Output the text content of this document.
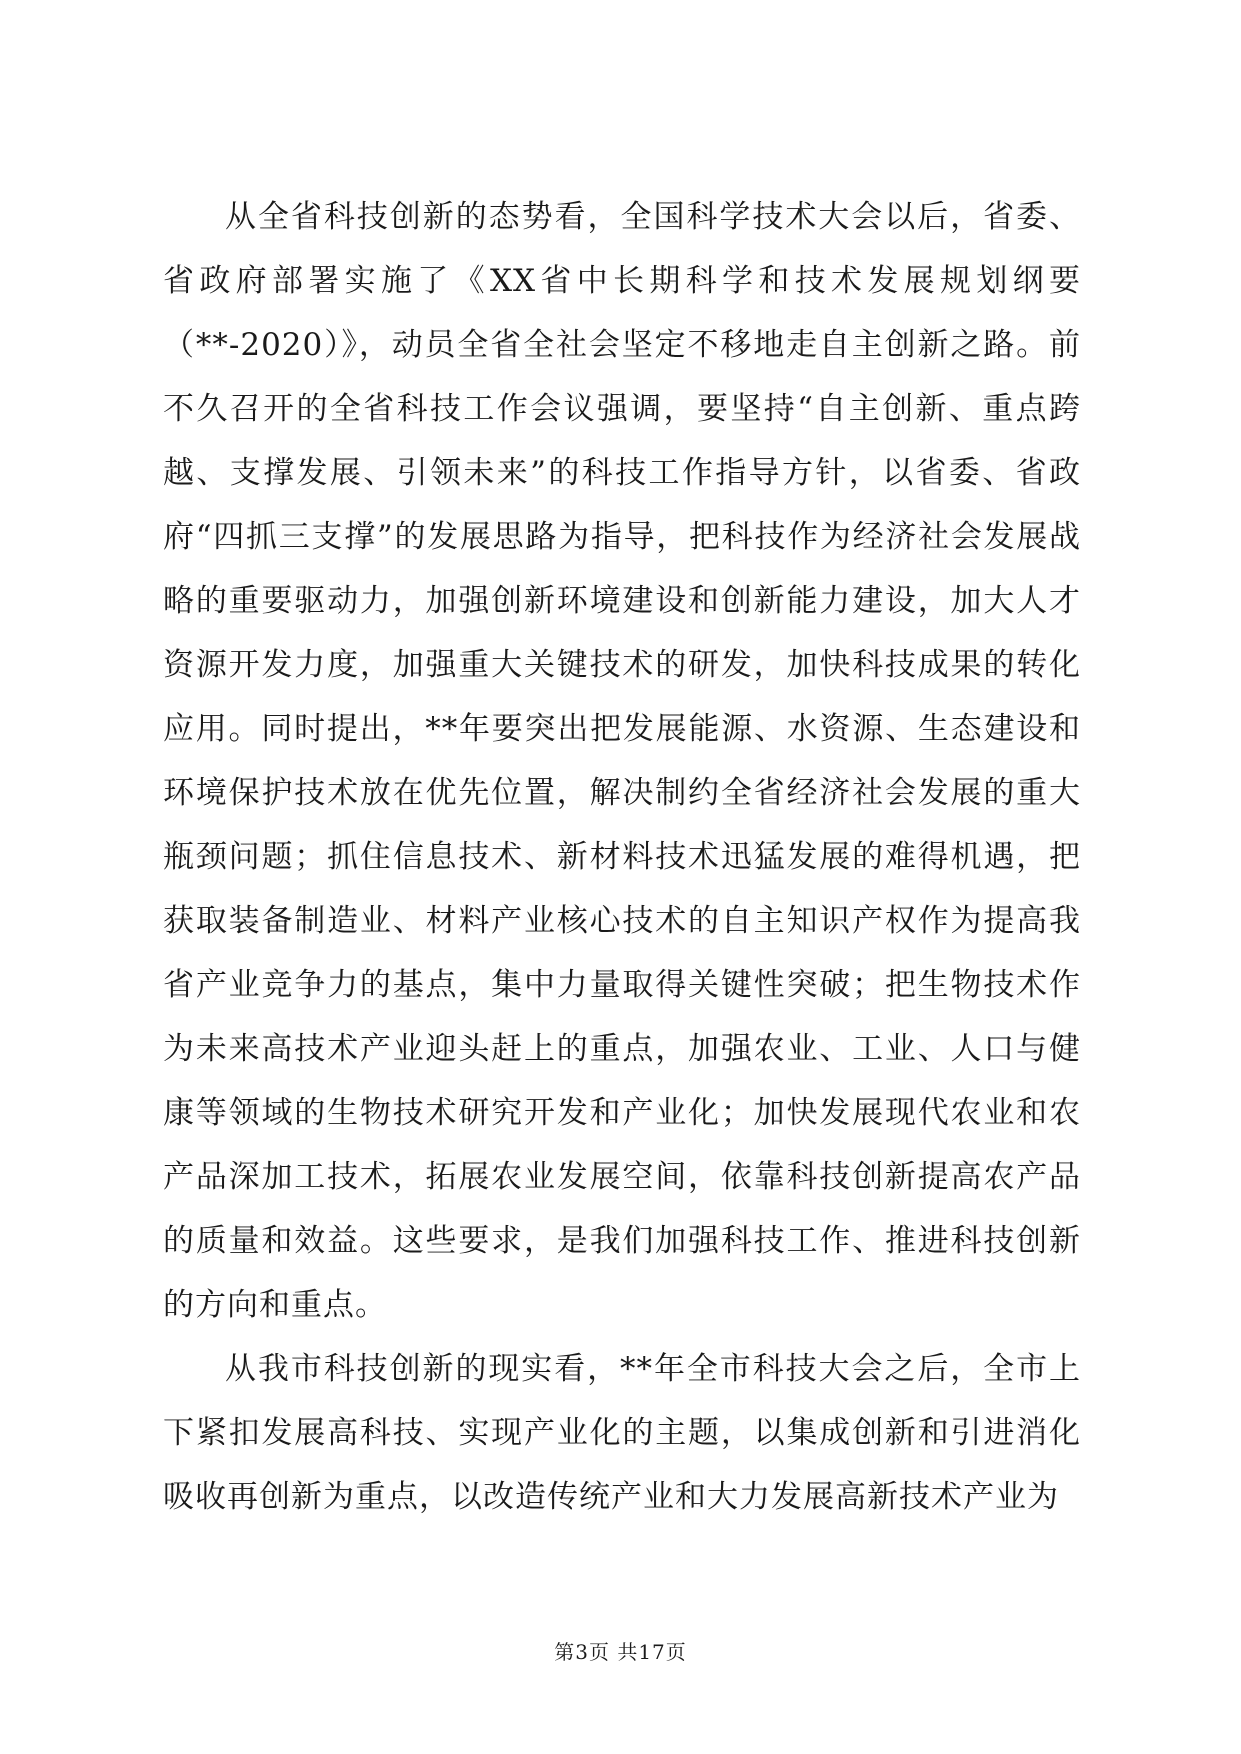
从全省科技创新的态势看，全国科学技术大会以后，省委、省政府部署实施了《XX省中长期科学和技术发展规划纲要（**-2020）》，动员全省全社会坚定不移地走自主创新之路。前不久召开的全省科技工作会议强调，要坚持“自主创新、重点跨越、支撑发展、引领未来”的科技工作指导方针，以省委、省政府“四抓三支撑”的发展思路为指导，把科技作为经济社会发展战略的重要驱动力，加强创新环境建设和创新能力建设，加大人才资源开发力度，加强重大关键技术的研发，加快科技成果的转化应用。同时提出，**年要突出把发展能源、水资源、生态建设和环境保护技术放在优先位置，解决制约全省经济社会发展的重大瓶颈问题；抓住信息技术、新材料技术迅猛发展的难得机遇，把获取装备制造业、材料产业核心技术的自主知识产权作为提高我省产业竞争力的基点，集中力量取得关键性突破；把生物技术作为未来高技术产业迎头赶上的重点，加强农业、工业、人口与健康等领域的生物技术研究开发和产业化；加快发展现代农业和农产品深加工技术，拓展农业发展空间，依靠科技创新提高农产品的质量和效益。这些要求，是我们加强科技工作、推进科技创新的方向和重点。

从我市科技创新的现实看，**年全市科技大会之后，全市上下紧扣发展高科技、实现产业化的主题，以集成创新和引进消化吸收再创新为重点，以改造传统产业和大力发展高新技术产业为

第3页 共17页
